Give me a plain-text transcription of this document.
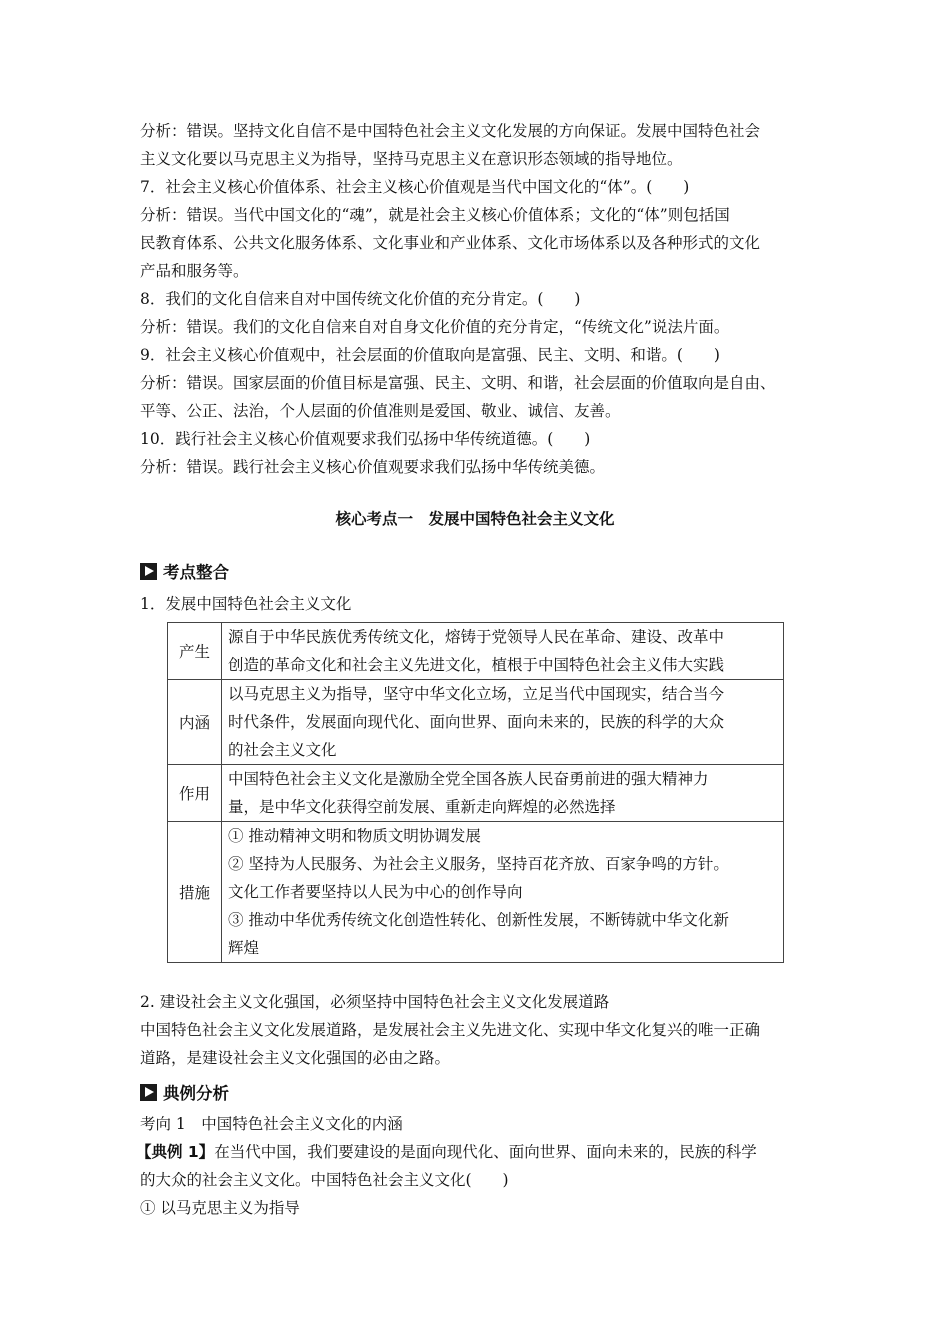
分析：错误。坚持文化自信不是中国特色社会主义文化发展的方向保证。发展中国特色社会
主义文化要以马克思主义为指导，坚持马克思主义在意识形态领域的指导地位。
7．社会主义核心价值体系、社会主义核心价值观是当代中国文化的“体”。(　　)
分析：错误。当代中国文化的“魂”，就是社会主义核心价值体系；文化的“体”则包括国
民教育体系、公共文化服务体系、文化事业和产业体系、文化市场体系以及各种形式的文化
产品和服务等。
8．我们的文化自信来自对中国传统文化价值的充分肯定。(　　)
分析：错误。我们的文化自信来自对自身文化价值的充分肯定，“传统文化”说法片面。
9．社会主义核心价值观中，社会层面的价值取向是富强、民主、文明、和谐。(　　)
分析：错误。国家层面的价值目标是富强、民主、文明、和谐，社会层面的价值取向是自由、
平等、公正、法治，个人层面的价值准则是爱国、敬业、诚信、友善。
10．践行社会主义核心价值观要求我们弘扬中华传统道德。(　　)
分析：错误。践行社会主义核心价值观要求我们弘扬中华传统美德。
核心考点一　发展中国特色社会主义文化
考点整合
1．发展中国特色社会主义文化
产生	源自于中华民族优秀传统文化，熔铸于党领导人民在革命、建设、改革中
创造的革命文化和社会主义先进文化，植根于中国特色社会主义伟大实践

内涵	以马克思主义为指导，坚守中华文化立场，立足当代中国现实，结合当今
时代条件，发展面向现代化、面向世界、面向未来的，民族的科学的大众
的社会主义文化

作用	中国特色社会主义文化是激励全党全国各族人民奋勇前进的强大精神力
量，是中华文化获得空前发展、重新走向辉煌的必然选择

措施	① 推动精神文明和物质文明协调发展
② 坚持为人民服务、为社会主义服务，坚持百花齐放、百家争鸣的方针。
文化工作者要坚持以人民为中心的创作导向
③ 推动中华优秀传统文化创造性转化、创新性发展，不断铸就中华文化新
辉煌
2. 建设社会主义文化强国，必须坚持中国特色社会主义文化发展道路
中国特色社会主义文化发展道路，是发展社会主义先进文化、实现中华文化复兴的唯一正确
道路，是建设社会主义文化强国的必由之路。
典例分析
考向 1　中国特色社会主义文化的内涵
【典例 1】在当代中国，我们要建设的是面向现代化、面向世界、面向未来的，民族的科学
的大众的社会主义文化。中国特色社会主义文化(　　)
① 以马克思主义为指导
